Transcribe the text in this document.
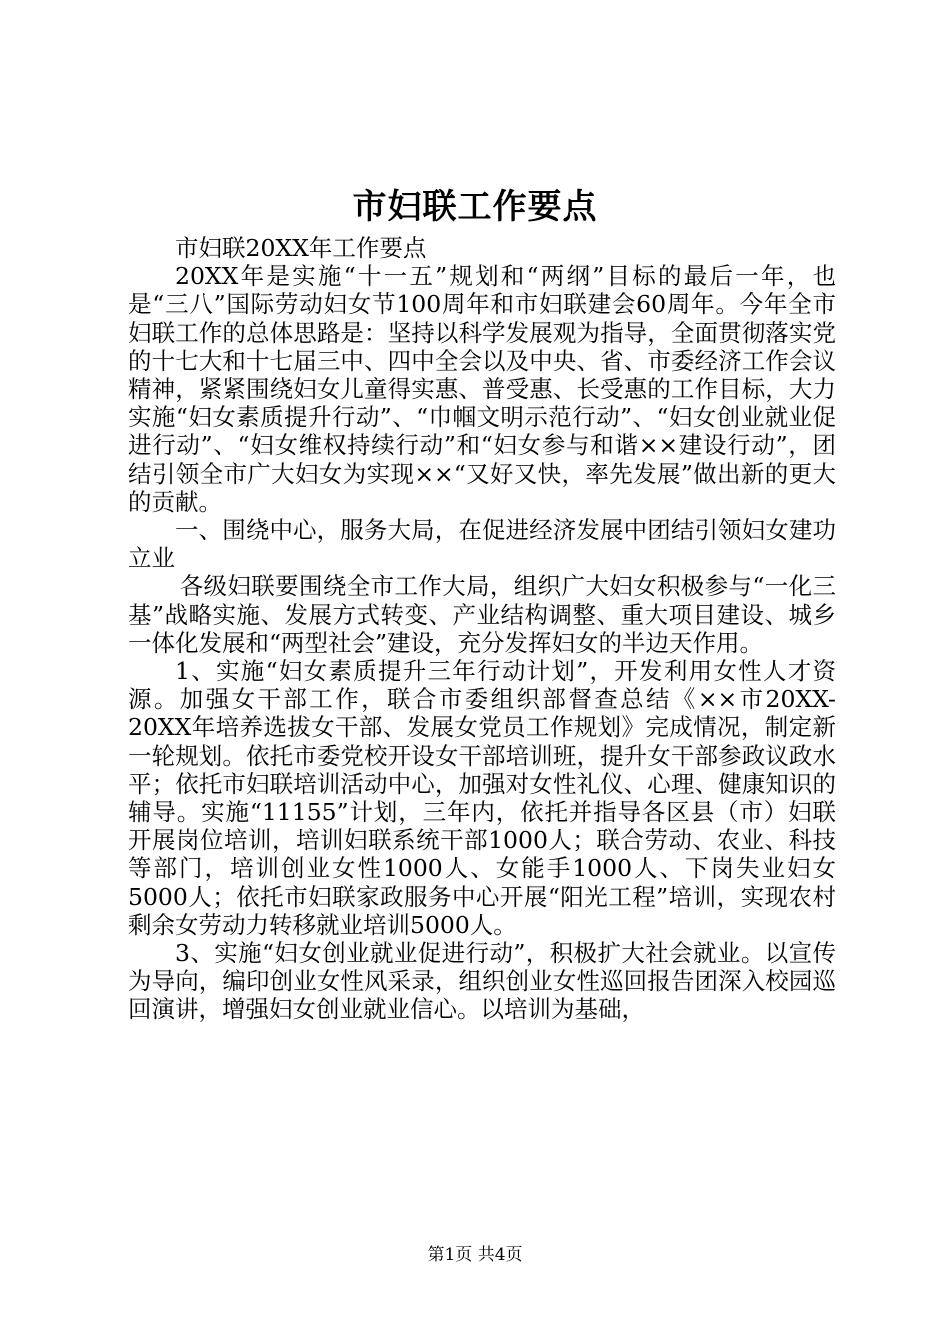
市妇联工作要点

市妇联20XX年工作要点

20XX年是实施“十一五”规划和“两纲”目标的最后一年，也是“三八”国际劳动妇女节100周年和市妇联建会60周年。今年全市妇联工作的总体思路是：坚持以科学发展观为指导，全面贯彻落实党的十七大和十七届三中、四中全会以及中央、省、市委经济工作会议精神，紧紧围绕妇女儿童得实惠、普受惠、长受惠的工作目标，大力实施“妇女素质提升行动”、“巾帼文明示范行动”、“妇女创业就业促进行动”、“妇女维权持续行动”和“妇女参与和谐××建设行动”，团结引领全市广大妇女为实现××“又好又快，率先发展”做出新的更大的贡献。

一、围绕中心，服务大局，在促进经济发展中团结引领妇女建功立业

各级妇联要围绕全市工作大局，组织广大妇女积极参与“一化三基”战略实施、发展方式转变、产业结构调整、重大项目建设、城乡一体化发展和“两型社会”建设，充分发挥妇女的半边天作用。

1、实施“妇女素质提升三年行动计划”，开发利用女性人才资源。加强女干部工作，联合市委组织部督查总结《××市20XX-20XX年培养选拔女干部、发展女党员工作规划》完成情况，制定新一轮规划。依托市委党校开设女干部培训班，提升女干部参政议政水平；依托市妇联培训活动中心，加强对女性礼仪、心理、健康知识的辅导。实施“11155”计划，三年内，依托并指导各区县（市）妇联开展岗位培训，培训妇联系统干部1000人；联合劳动、农业、科技等部门，培训创业女性1000人、女能手1000人、下岗失业妇女5000人；依托市妇联家政服务中心开展“阳光工程”培训，实现农村剩余女劳动力转移就业培训5000人。

3、实施“妇女创业就业促进行动”，积极扩大社会就业。以宣传为导向，编印创业女性风采录，组织创业女性巡回报告团深入校园巡回演讲，增强妇女创业就业信心。以培训为基础，

第1页 共4页
